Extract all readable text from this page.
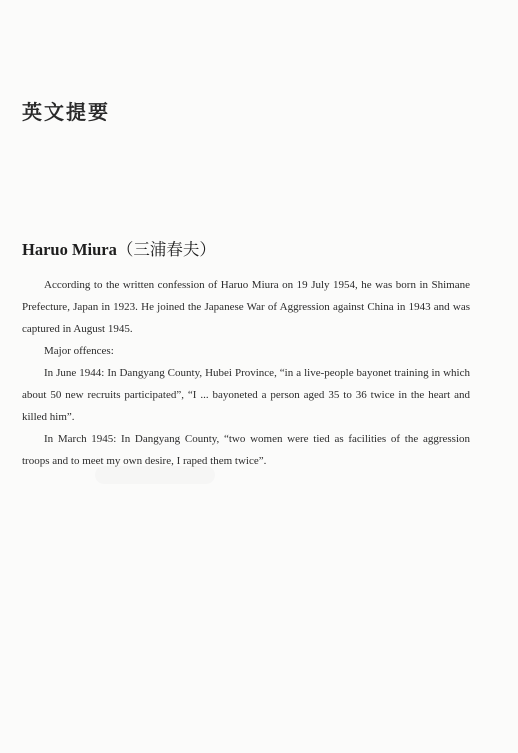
英文提要
Haruo Miura（三浦春夫）

According to the written confession of Haruo Miura on 19 July 1954, he was born in Shimane Prefecture, Japan in 1923. He joined the Japanese War of Aggression against China in 1943 and was captured in August 1945.

Major offences:

In June 1944: In Dangyang County, Hubei Province, “in a live-people bayonet training in which about 50 new recruits participated”, “I ... bayoneted a person aged 35 to 36 twice in the heart and killed him”.

In March 1945: In Dangyang County, “two women were tied as facilities of the aggression troops and to meet my own desire, I raped them twice”.
